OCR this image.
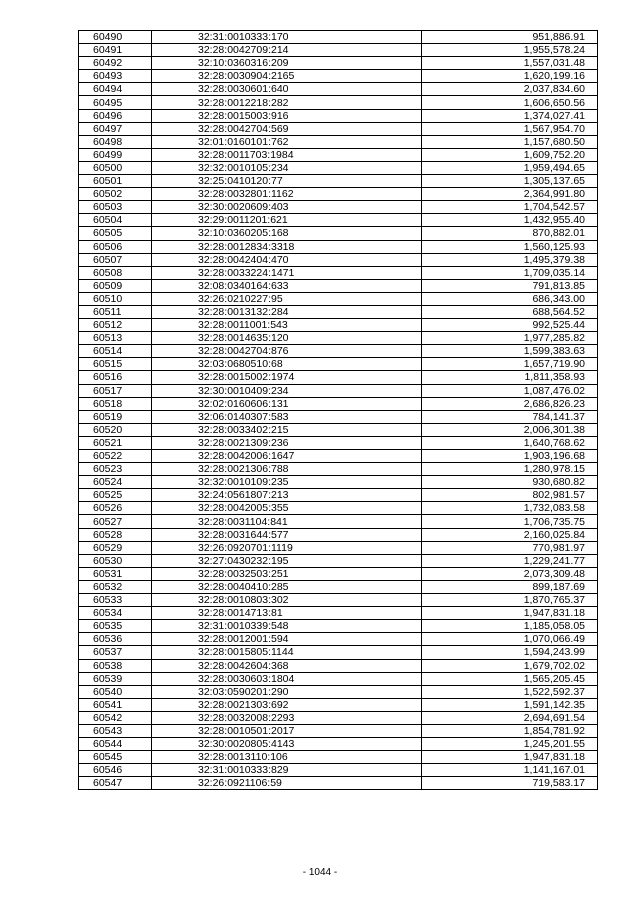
60490	32:31:0010333:170	951,886.91
60491	32:28:0042709:214	1,955,578.24
60492	32:10:0360316:209	1,557,031.48
60493	32:28:0030904:2165	1,620,199.16
60494	32:28:0030601:640	2,037,834.60
60495	32:28:0012218:282	1,606,650.56
60496	32:28:0015003:916	1,374,027.41
60497	32:28:0042704:569	1,567,954.70
60498	32:01:0160101:762	1,157,680.50
60499	32:28:0011703:1984	1,609,752.20
60500	32:32:0010105:234	1,959,494.65
60501	32:25:0410120:77	1,305,137.65
60502	32:28:0032801:1162	2,364,991.80
60503	32:30:0020609:403	1,704,542.57
60504	32:29:0011201:621	1,432,955.40
60505	32:10:0360205:168	870,882.01
60506	32:28:0012834:3318	1,560,125.93
60507	32:28:0042404:470	1,495,379.38
60508	32:28:0033224:1471	1,709,035.14
60509	32:08:0340164:633	791,813.85
60510	32:26:0210227:95	686,343.00
60511	32:28:0013132:284	688,564.52
60512	32:28:0011001:543	992,525.44
60513	32:28:0014635:120	1,977,285.82
60514	32:28:0042704:876	1,599,383.63
60515	32:03:0680510:68	1,657,719.90
60516	32:28:0015002:1974	1,811,358.93
60517	32:30:0010409:234	1,087,476.02
60518	32:02:0160606:131	2,686,826.23
60519	32:06:0140307:583	784,141.37
60520	32:28:0033402:215	2,006,301.38
60521	32:28:0021309:236	1,640,768.62
60522	32:28:0042006:1647	1,903,196.68
60523	32:28:0021306:788	1,280,978.15
60524	32:32:0010109:235	930,680.82
60525	32:24:0561807:213	802,981.57
60526	32:28:0042005:355	1,732,083.58
60527	32:28:0031104:841	1,706,735.75
60528	32:28:0031644:577	2,160,025.84
60529	32:26:0920701:1119	770,981.97
60530	32:27:0430232:195	1,229,241.77
60531	32:28:0032503:251	2,073,309.48
60532	32:28:0040410:285	899,187.69
60533	32:28:0010803:302	1,870,765.37
60534	32:28:0014713:81	1,947,831.18
60535	32:31:0010339:548	1,185,058.05
60536	32:28:0012001:594	1,070,066.49
60537	32:28:0015805:1144	1,594,243.99
60538	32:28:0042604:368	1,679,702.02
60539	32:28:0030603:1804	1,565,205.45
60540	32:03:0590201:290	1,522,592.37
60541	32:28:0021303:692	1,591,142.35
60542	32:28:0032008:2293	2,694,691.54
60543	32:28:0010501:2017	1,854,781.92
60544	32:30:0020805:4143	1,245,201.55
60545	32:28:0013110:106	1,947,831.18
60546	32:31:0010333:829	1,141,167.01
60547	32:26:0921106:59	719,583.17
- 1044 -
